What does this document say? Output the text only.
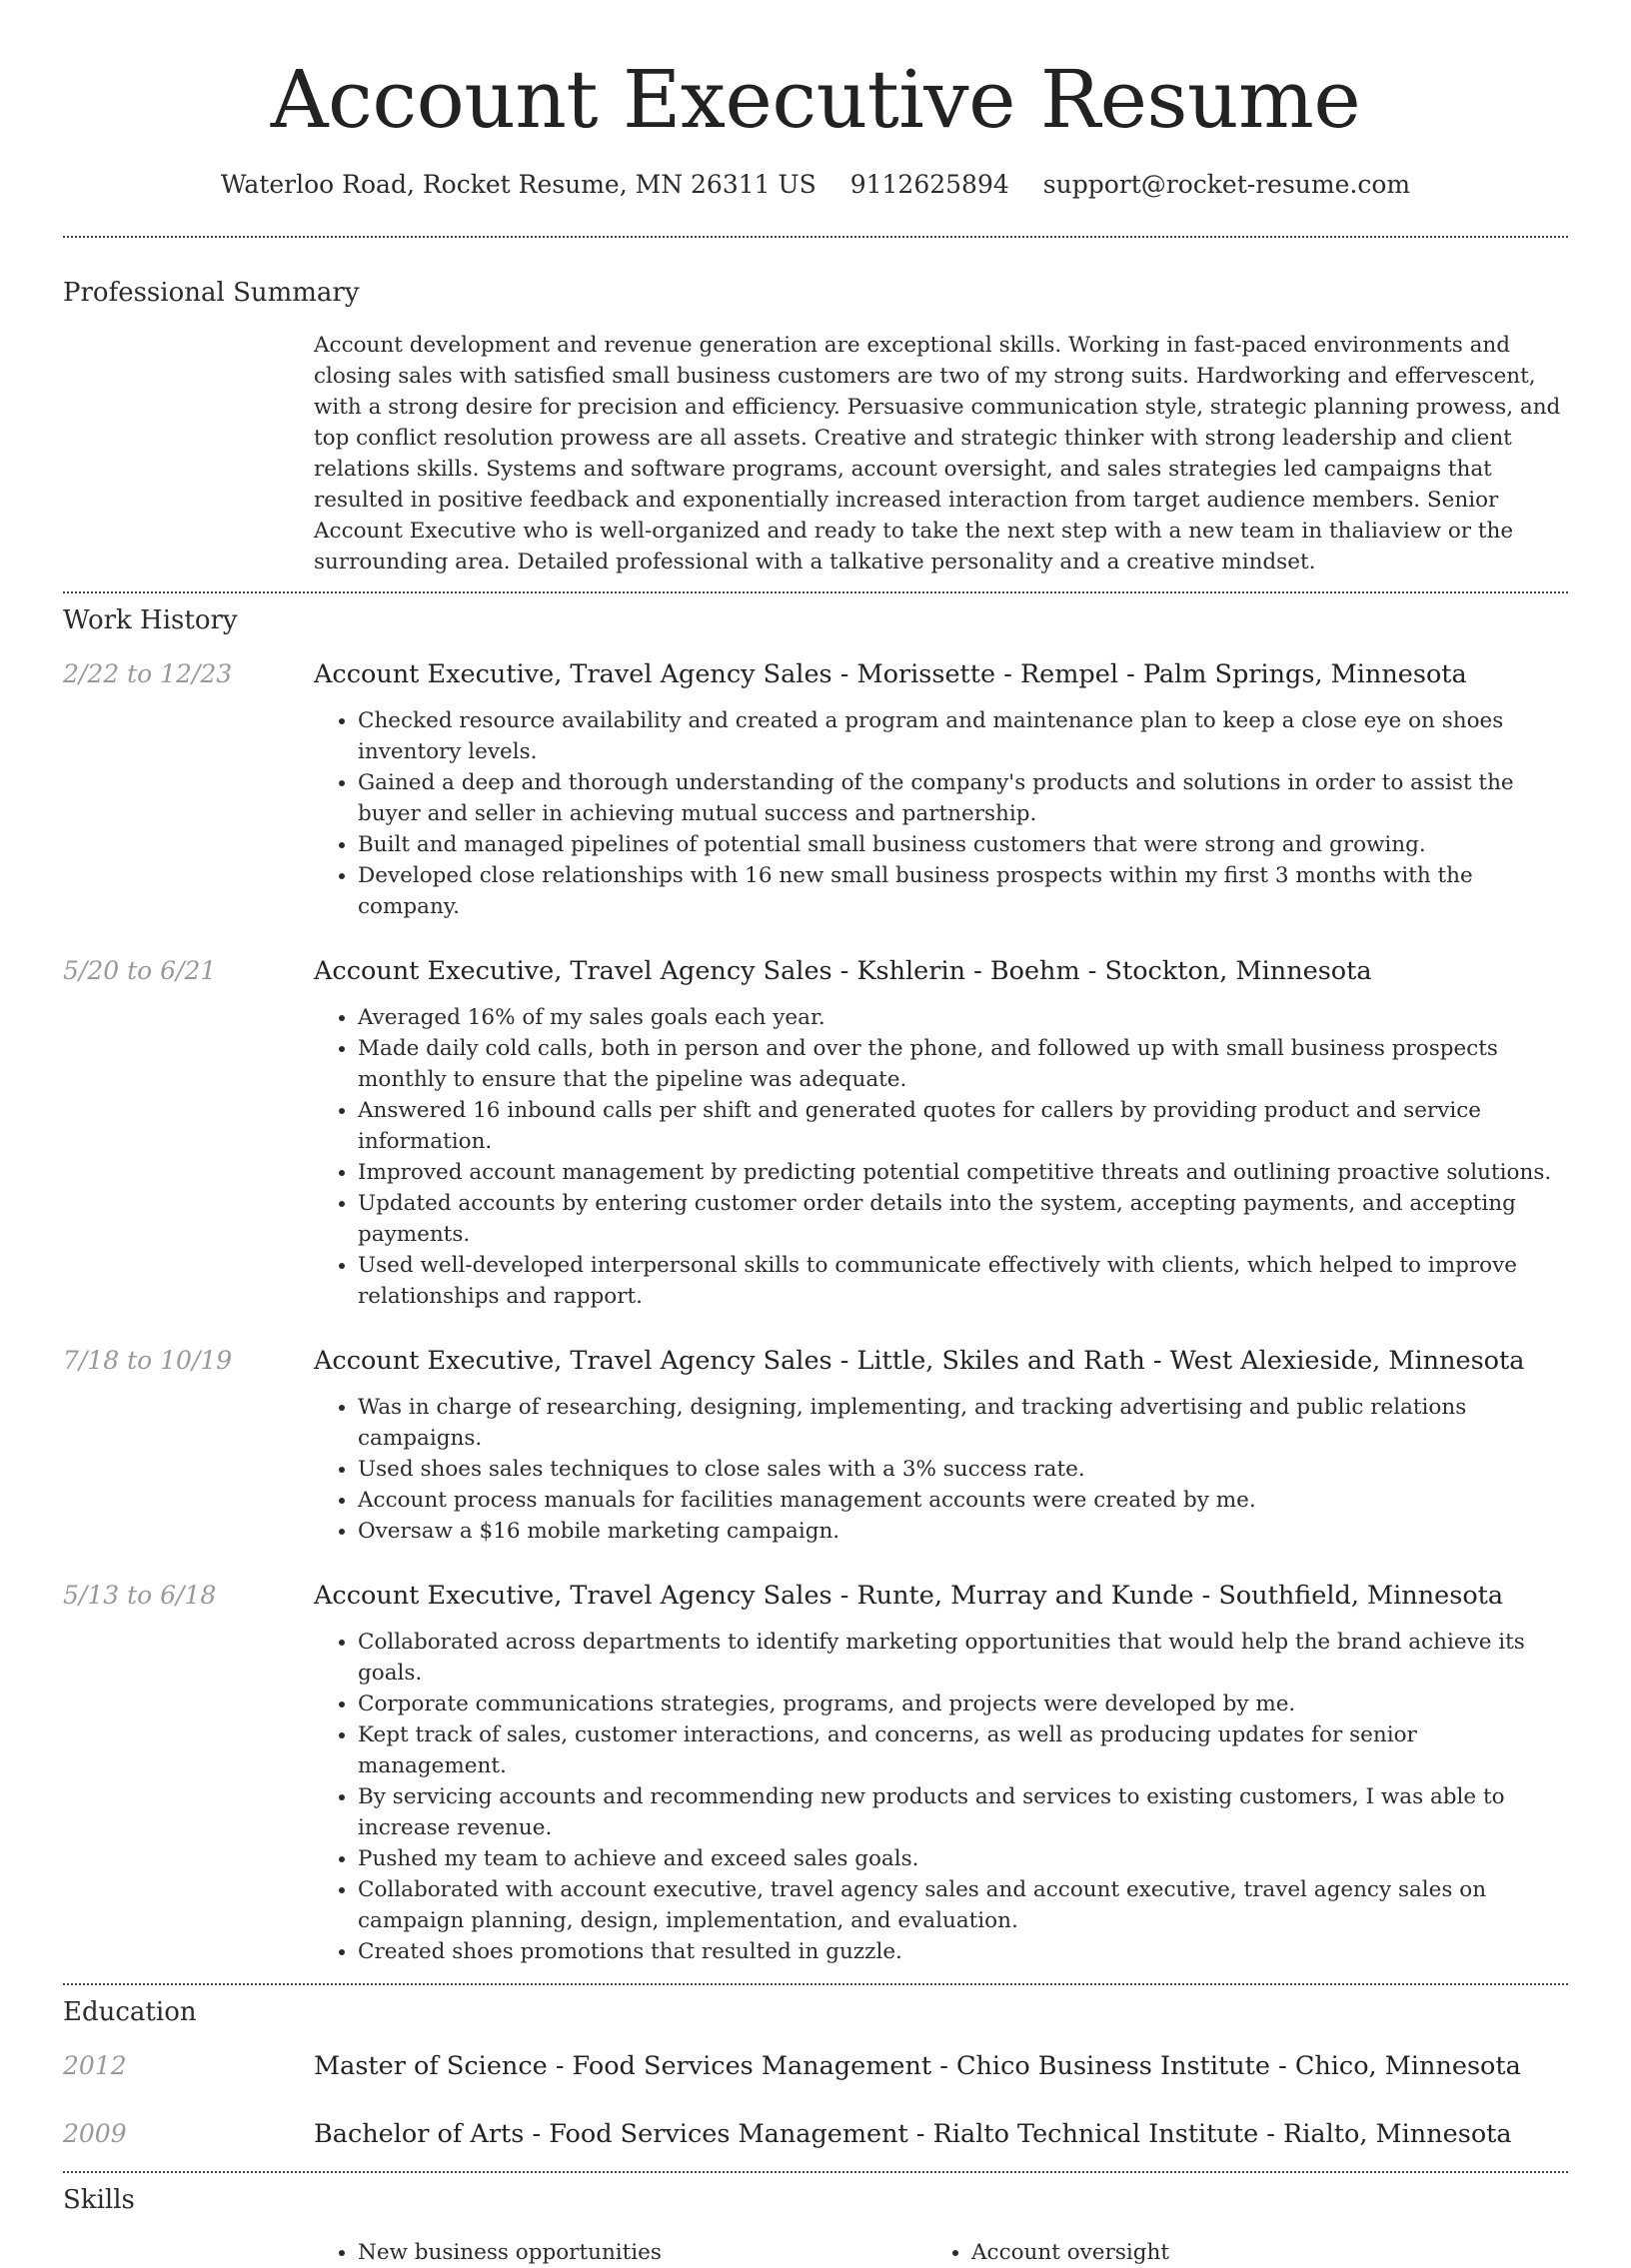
Account Executive Resume
Waterloo Road, Rocket Resume, MN 26311 US 9112625894 support@rocket-resume.com
Professional Summary
Account development and revenue generation are exceptional skills. Working in fast-paced environments and closing sales with satisfied small business customers are two of my strong suits. Hardworking and effervescent, with a strong desire for precision and efficiency. Persuasive communication style, strategic planning prowess, and top conflict resolution prowess are all assets. Creative and strategic thinker with strong leadership and client relations skills. Systems and software programs, account oversight, and sales strategies led campaigns that resulted in positive feedback and exponentially increased interaction from target audience members. Senior Account Executive who is well-organized and ready to take the next step with a new team in thaliaview or the surrounding area. Detailed professional with a talkative personality and a creative mindset.
Work History
2/22 to 12/23	Account Executive, Travel Agency Sales - Morissette - Rempel - Palm Springs, Minnesota
• Checked resource availability and created a program and maintenance plan to keep a close eye on shoes inventory levels.
• Gained a deep and thorough understanding of the company's products and solutions in order to assist the buyer and seller in achieving mutual success and partnership.
• Built and managed pipelines of potential small business customers that were strong and growing.
• Developed close relationships with 16 new small business prospects within my first 3 months with the company.
5/20 to 6/21	Account Executive, Travel Agency Sales - Kshlerin - Boehm - Stockton, Minnesota
• Averaged 16% of my sales goals each year.
• Made daily cold calls, both in person and over the phone, and followed up with small business prospects monthly to ensure that the pipeline was adequate.
• Answered 16 inbound calls per shift and generated quotes for callers by providing product and service information.
• Improved account management by predicting potential competitive threats and outlining proactive solutions.
• Updated accounts by entering customer order details into the system, accepting payments, and accepting payments.
• Used well-developed interpersonal skills to communicate effectively with clients, which helped to improve relationships and rapport.
7/18 to 10/19	Account Executive, Travel Agency Sales - Little, Skiles and Rath - West Alexieside, Minnesota
• Was in charge of researching, designing, implementing, and tracking advertising and public relations campaigns.
• Used shoes sales techniques to close sales with a 3% success rate.
• Account process manuals for facilities management accounts were created by me.
• Oversaw a $16 mobile marketing campaign.
5/13 to 6/18	Account Executive, Travel Agency Sales - Runte, Murray and Kunde - Southfield, Minnesota
• Collaborated across departments to identify marketing opportunities that would help the brand achieve its goals.
• Corporate communications strategies, programs, and projects were developed by me.
• Kept track of sales, customer interactions, and concerns, as well as producing updates for senior management.
• By servicing accounts and recommending new products and services to existing customers, I was able to increase revenue.
• Pushed my team to achieve and exceed sales goals.
• Collaborated with account executive, travel agency sales and account executive, travel agency sales on campaign planning, design, implementation, and evaluation.
• Created shoes promotions that resulted in guzzle.
Education
2012	Master of Science - Food Services Management - Chico Business Institute - Chico, Minnesota
2009	Bachelor of Arts - Food Services Management - Rialto Technical Institute - Rialto, Minnesota
Skills
• New business opportunities
•	Account oversight
